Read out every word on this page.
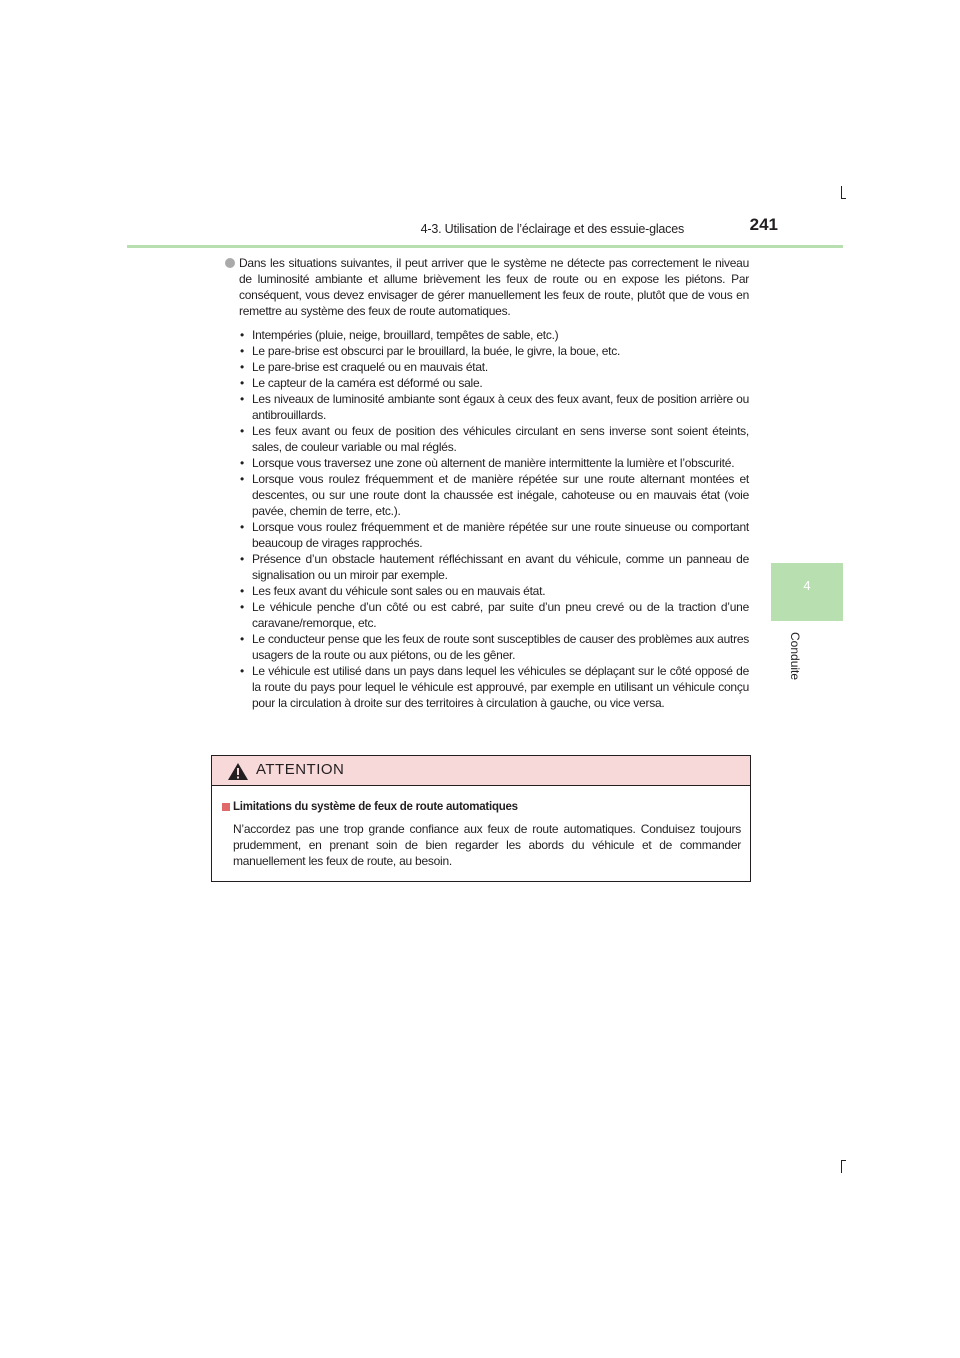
4-3. Utilisation de l’éclairage et des essuie-glaces	241
4
Conduite
Dans les situations suivantes, il peut arriver que le système ne détecte pas correctement le niveau de luminosité ambiante et allume brièvement les feux de route ou en expose les piétons. Par conséquent, vous devez envisager de gérer manuellement les feux de route, plutôt que de vous en remettre au système des feux de route automatiques.
• Intempéries (pluie, neige, brouillard, tempêtes de sable, etc.)
• Le pare-brise est obscurci par le brouillard, la buée, le givre, la boue, etc.
• Le pare-brise est craquelé ou en mauvais état.
• Le capteur de la caméra est déformé ou sale.
• Les niveaux de luminosité ambiante sont égaux à ceux des feux avant, feux de position arrière ou antibrouillards.
• Les feux avant ou feux de position des véhicules circulant en sens inverse sont soient éteints, sales, de couleur variable ou mal réglés.
• Lorsque vous traversez une zone où alternent de manière intermittente la lumière et l’obscurité.
• Lorsque vous roulez fréquemment et de manière répétée sur une route alternant montées et descentes, ou sur une route dont la chaussée est inégale, cahoteuse ou en mauvais état (voie pavée, chemin de terre, etc.).
• Lorsque vous roulez fréquemment et de manière répétée sur une route sinueuse ou comportant beaucoup de virages rapprochés.
• Présence d’un obstacle hautement réfléchissant en avant du véhicule, comme un panneau de signalisation ou un miroir par exemple.
• Les feux avant du véhicule sont sales ou en mauvais état.
• Le véhicule penche d’un côté ou est cabré, par suite d’un pneu crevé ou de la traction d’une caravane/remorque, etc.
• Le conducteur pense que les feux de route sont susceptibles de causer des problèmes aux autres usagers de la route ou aux piétons, ou de les gêner.
• Le véhicule est utilisé dans un pays dans lequel les véhicules se déplaçant sur le côté opposé de la route du pays pour lequel le véhicule est approuvé, par exemple en utilisant un véhicule conçu pour la circulation à droite sur des territoires à circulation à gauche, ou vice versa.
ATTENTION
Limitations du système de feux de route automatiques
N’accordez pas une trop grande confiance aux feux de route automatiques. Conduisez toujours prudemment, en prenant soin de bien regarder les abords du véhicule et de commander manuellement les feux de route, au besoin.
